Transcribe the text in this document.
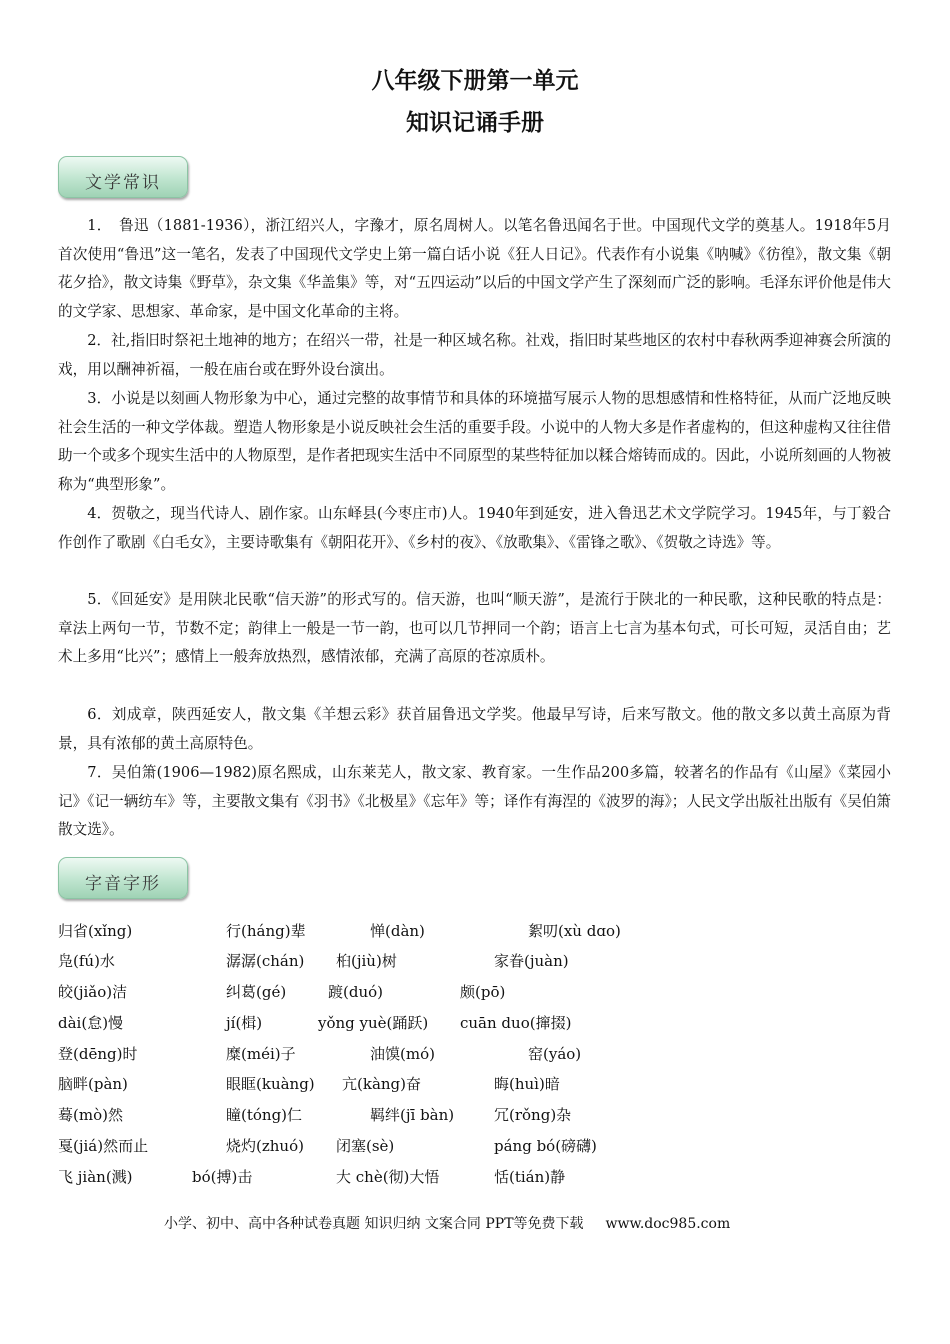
八年级下册第一单元
知识记诵手册
文学常识

1．　鲁迅（1881-1936），浙江绍兴人，字豫才，原名周树人。以笔名鲁迅闻名于世。中国现代文学的奠基人。1918年5月首次使用“鲁迅”这一笔名，发表了中国现代文学史上第一篇白话小说《狂人日记》。代表作有小说集《呐喊》《彷徨》，散文集《朝花夕拾》，散文诗集《野草》，杂文集《华盖集》等，对“五四运动”以后的中国文学产生了深刻而广泛的影响。毛泽东评价他是伟大的文学家、思想家、革命家，是中国文化革命的主将。

2．社,指旧时祭祀土地神的地方；在绍兴一带，社是一种区域名称。社戏，指旧时某些地区的农村中春秋两季迎神赛会所演的戏，用以酬神祈福，一般在庙台或在野外设台演出。

3．小说是以刻画人物形象为中心，通过完整的故事情节和具体的环境描写展示人物的思想感情和性格特征，从而广泛地反映社会生活的一种文学体裁。塑造人物形象是小说反映社会生活的重要手段。小说中的人物大多是作者虚构的，但这种虚构又往往借助一个或多个现实生活中的人物原型，是作者把现实生活中不同原型的某些特征加以糅合熔铸而成的。因此，小说所刻画的人物被称为“典型形象”。

4．贺敬之，现当代诗人、剧作家。山东峄县(今枣庄市)人。1940年到延安，进入鲁迅艺术文学院学习。1945年，与丁毅合作创作了歌剧《白毛女》，主要诗歌集有《朝阳花开》、《乡村的夜》、《放歌集》、《雷锋之歌》、《贺敬之诗选》等。

5．《回延安》是用陕北民歌“信天游”的形式写的。信天游，也叫“顺天游”，是流行于陕北的一种民歌，这种民歌的特点是：章法上两句一节，节数不定；韵律上一般是一节一韵，也可以几节押同一个韵；语言上七言为基本句式，可长可短，灵活自由；艺术上多用“比兴”；感情上一般奔放热烈，感情浓郁，充满了高原的苍凉质朴。

6．刘成章，陕西延安人，散文集《羊想云彩》获首届鲁迅文学奖。他最早写诗，后来写散文。他的散文多以黄土高原为背景，具有浓郁的黄土高原特色。

7．吴伯箫(1906—1982)原名熙成，山东莱芜人，散文家、教育家。一生作品200多篇，较著名的作品有《山屋》《菜园小记》《记一辆纺车》等，主要散文集有《羽书》《北极星》《忘年》等；译作有海涅的《波罗的海》；人民文学出版社出版有《吴伯箫散文选》。

字音字形
归省(xǐng)	行(háng)辈	惮(dàn)	絮叨(xù dɑo)
凫(fú)水	潺潺(chán) 桕(jiù)树	家眷(juàn)
皎(jiǎo)洁	纠葛(gé)	踱(duó)	颇(pō)
dài(怠)慢	jí(楫)	yǒng yuè(踊跃) cuān duo(撺掇)
登(dēng)时	糜(méi)子	油馍(mó)	窑(yáo)
脑畔(pàn)	眼眶(kuàng) 亢(kàng)奋	晦(huì)暗
蓦(mò)然	瞳(tóng)仁	羁绊(jī bàn)	冗(rǒng)杂
戛(jiá)然而止	烧灼(zhuó) 闭塞(sè)	páng bó(磅礴)
飞 jiàn(溅)	bó(搏)击	大 chè(彻)大悟	恬(tián)静
小学、初中、高中各种试卷真题 知识归纳 文案合同 PPT等免费下载 www.doc985.com
